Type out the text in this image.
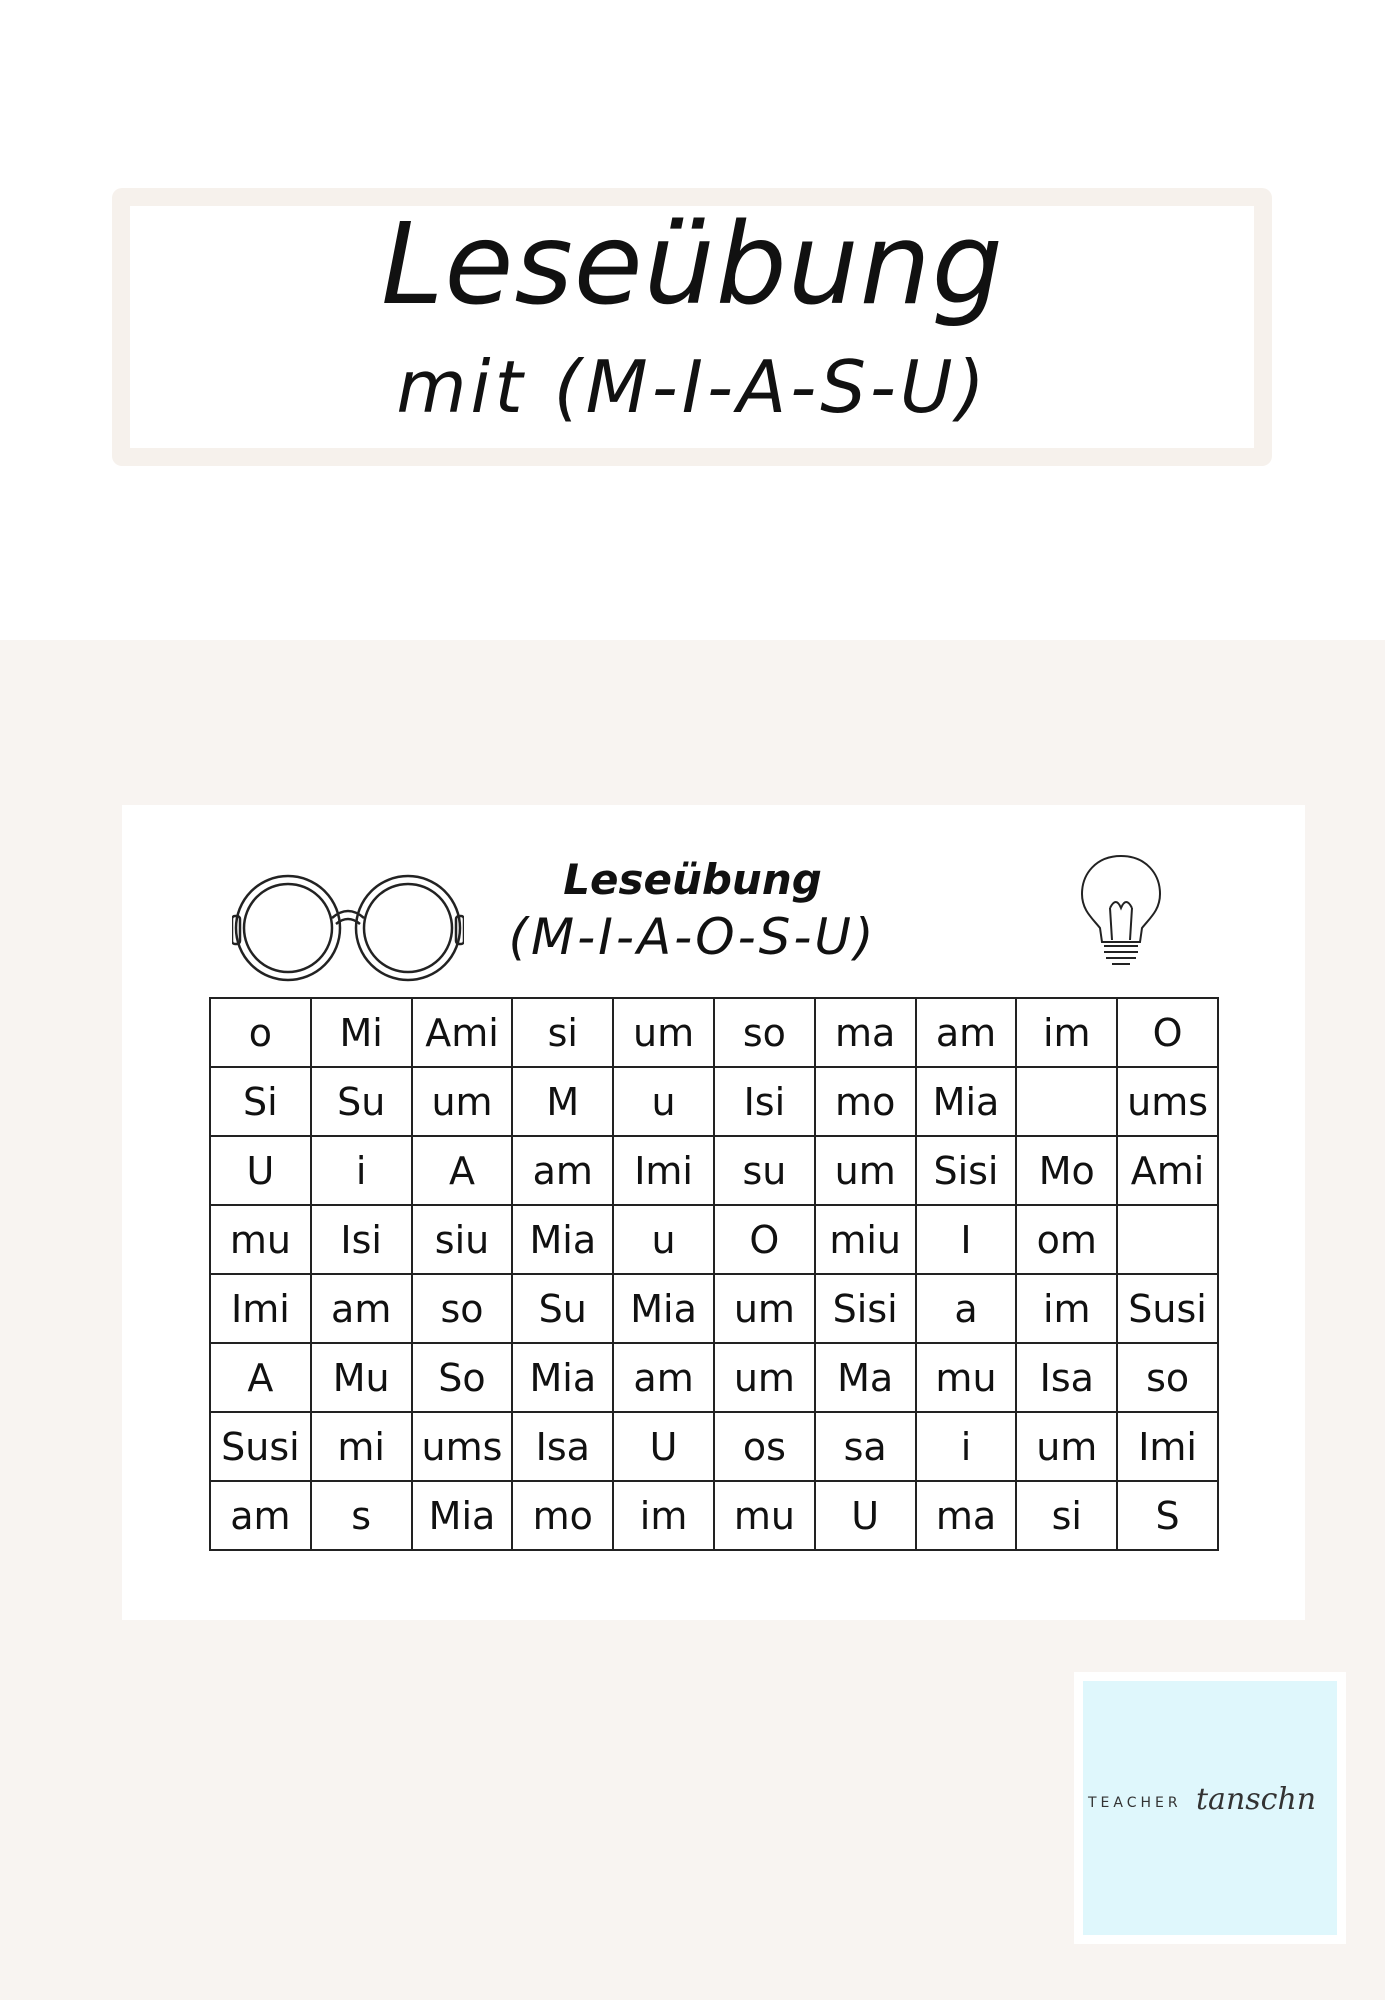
Leseübung
mit (M-I-A-S-U)
Leseübung
(M-I-A-O-S-U)
o	Mi	Ami	si	um	so	ma	am	im	O
Si	Su	um	M	u	Isi	mo	Mia		ums
U	i	A	am	Imi	su	um	Sisi	Mo	Ami
mu	Isi	siu	Mia	u	O	miu	I	om	
Imi	am	so	Su	Mia	um	Sisi	a	im	Susi
A	Mu	So	Mia	am	um	Ma	mu	Isa	so
Susi	mi	ums	Isa	U	os	sa	i	um	Imi
am	s	Mia	mo	im	mu	U	ma	si	S
TEACHER tanschn
